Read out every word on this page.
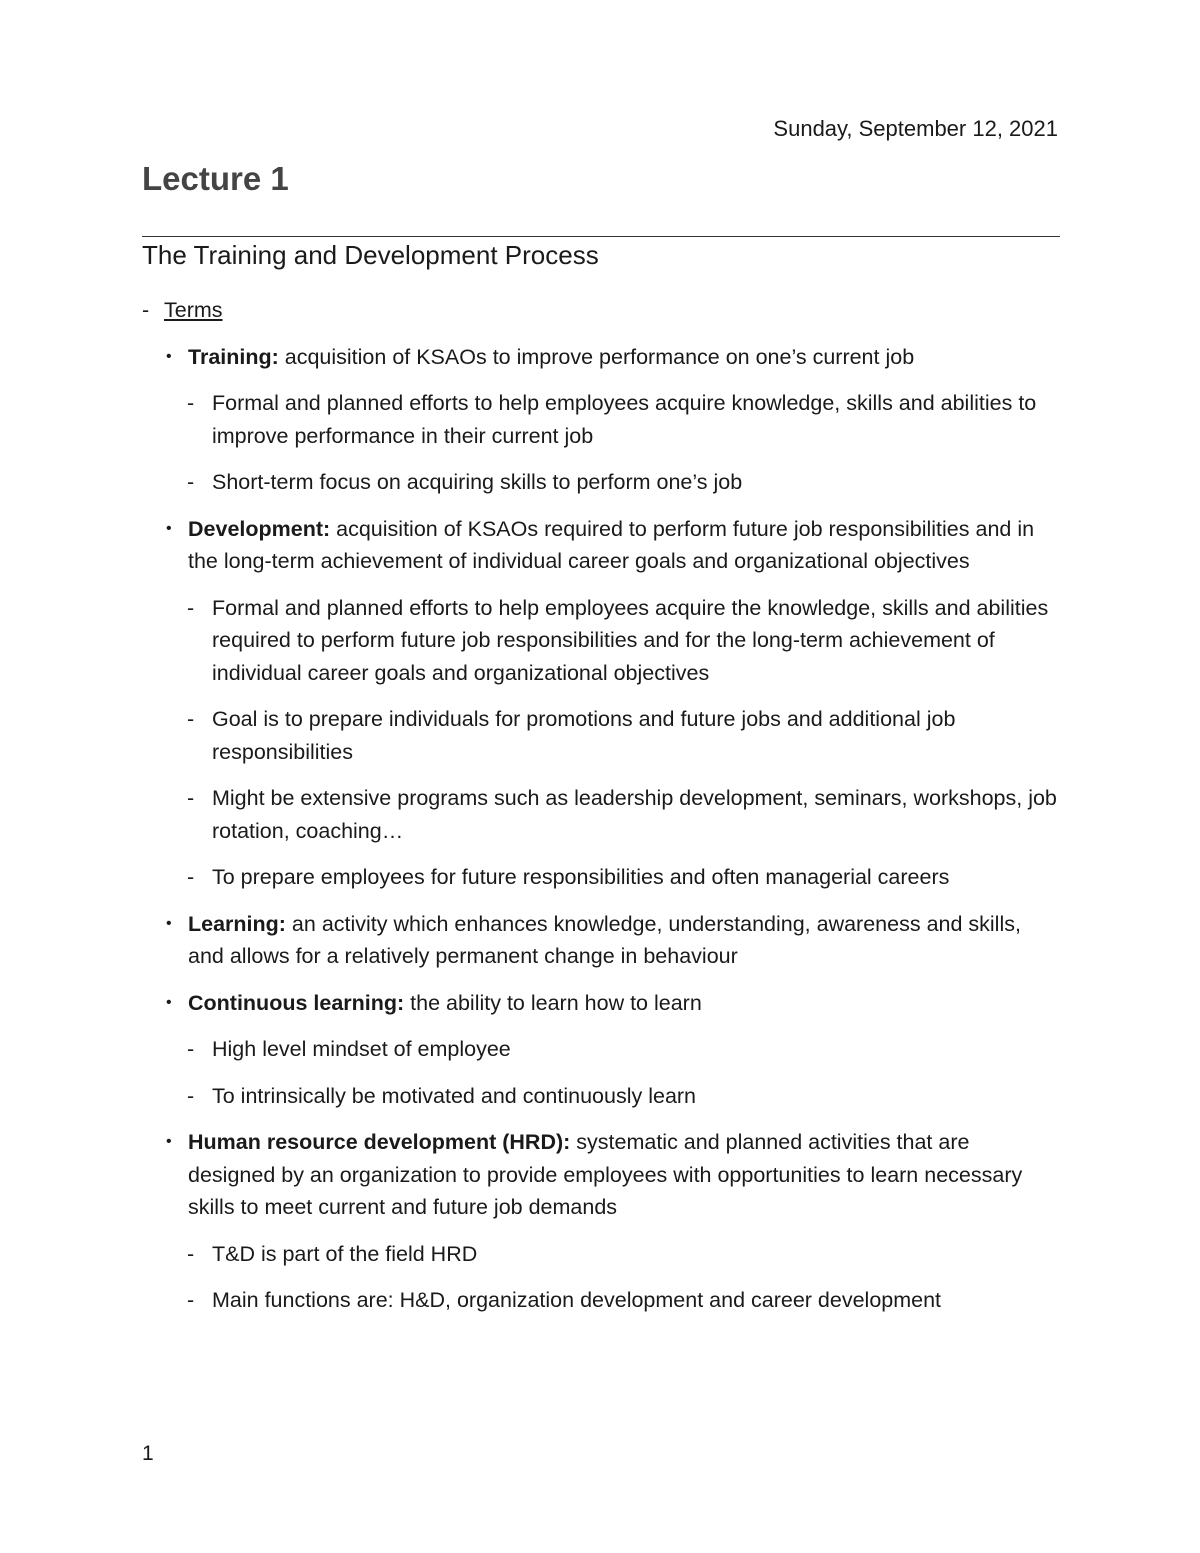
Sunday, September 12, 2021
Lecture 1
The Training and Development Process
- Terms
• Training: acquisition of KSAOs to improve performance on one’s current job
- Formal and planned efforts to help employees acquire knowledge, skills and abilities to improve performance in their current job
- Short-term focus on acquiring skills to perform one’s job
• Development: acquisition of KSAOs required to perform future job responsibilities and in the long-term achievement of individual career goals and organizational objectives
- Formal and planned efforts to help employees acquire the knowledge, skills and abilities required to perform future job responsibilities and for the long-term achievement of individual career goals and organizational objectives
- Goal is to prepare individuals for promotions and future jobs and additional job responsibilities
- Might be extensive programs such as leadership development, seminars, workshops, job rotation, coaching…
- To prepare employees for future responsibilities and often managerial careers
• Learning: an activity which enhances knowledge, understanding, awareness and skills, and allows for a relatively permanent change in behaviour
• Continuous learning: the ability to learn how to learn
- High level mindset of employee
- To intrinsically be motivated and continuously learn
• Human resource development (HRD): systematic and planned activities that are designed by an organization to provide employees with opportunities to learn necessary skills to meet current and future job demands
- T&D is part of the field HRD
- Main functions are: H&D, organization development and career development
1
